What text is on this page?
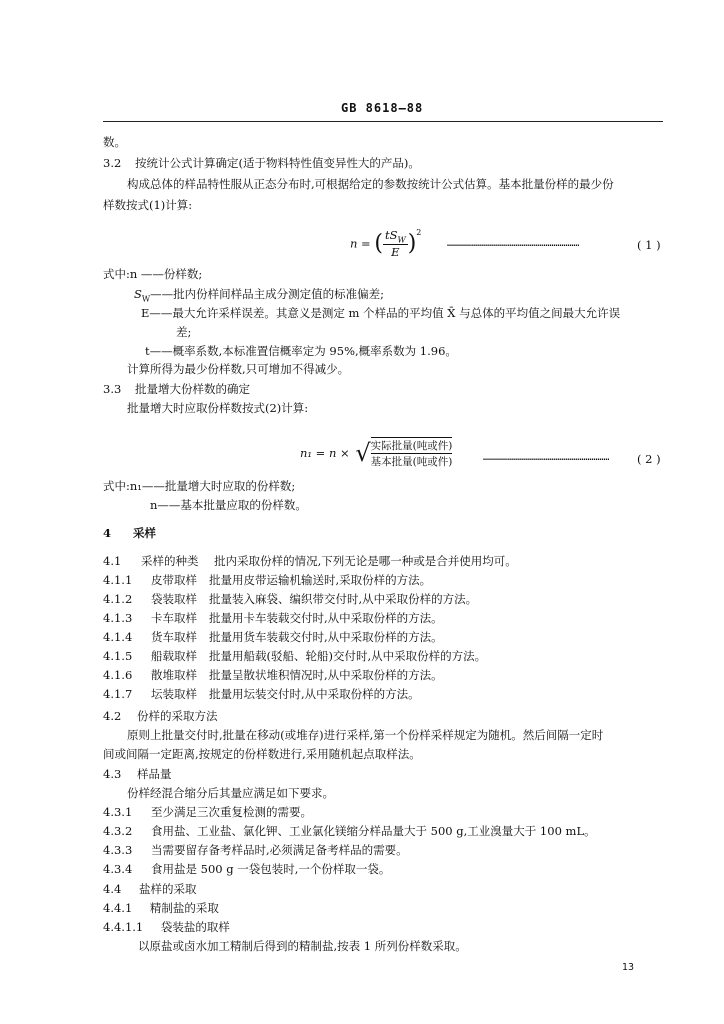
GB 8618—88
数。
3.2 按统计公式计算确定(适于物料特性值变异性大的产品)。
构成总体的样品特性服从正态分布时,可根据给定的参数按统计公式估算。基本批量份样的最少份
样数按式(1)计算:
n = ( $\frac{tS_W}{E} )^2$
…………………………………………………………	( 1 )
式中:n ——份样数;
$S_W——$批内份样间样品主成分测定值的标准偏差;
E——最大允许采样误差。其意义是测定 m 个样品的平均值 X̄ 与总体的平均值之间最大允许误
差;
t——概率系数,本标准置信概率定为 95%,概率系数为 1.96。
计算所得为最少份样数,只可增加不得减少。
3.3 批量增大份样数的确定
批量增大时应取份样数按式(2)计算:
n₁ = n × √ 实际批量(吨或件)
基本批量(吨或件)	……………………………………………………… ( 2 )
式中:n₁——批量增大时应取的份样数;
n——基本批量应取的份样数。
4 采样
4.1 采样的种类 批内采取份样的情况,下列无论是哪一种或是合并使用均可。
4.1.1 皮带取样 批量用皮带运输机输送时,采取份样的方法。
4.1.2 袋装取样 批量装入麻袋、编织带交付时,从中采取份样的方法。
4.1.3 卡车取样 批量用卡车装载交付时,从中采取份样的方法。
4.1.4 货车取样 批量用货车装载交付时,从中采取份样的方法。
4.1.5 船载取样 批量用船载(驳船、轮船)交付时,从中采取份样的方法。
4.1.6 散堆取样 批量呈散状堆积情况时,从中采取份样的方法。
4.1.7 坛装取样 批量用坛装交付时,从中采取份样的方法。
4.2 份样的采取方法
原则上批量交付时,批量在移动(或堆存)进行采样,第一个份样采样规定为随机。然后间隔一定时
间或间隔一定距离,按规定的份样数进行,采用随机起点取样法。
4.3 样品量
份样经混合缩分后其量应满足如下要求。
4.3.1 至少满足三次重复检测的需要。
4.3.2 食用盐、工业盐、氯化钾、工业氯化镁缩分样品量大于 500 g,工业溴量大于 100 mL。
4.3.3 当需要留存备考样品时,必须满足备考样品的需要。
4.3.4 食用盐是 500 g 一袋包装时,一个份样取一袋。
4.4 盐样的采取
4.4.1 精制盐的采取
4.4.1.1 袋装盐的取样
以原盐或卤水加工精制后得到的精制盐,按表 1 所列份样数采取。
13
